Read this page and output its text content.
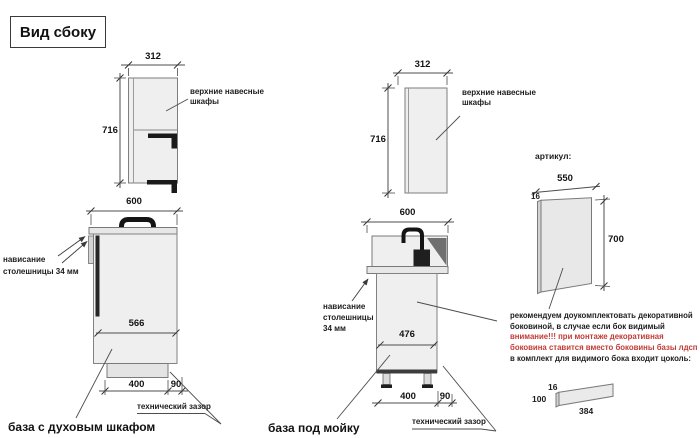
Вид сбоку
312
716
верхние навесные
шкафы
600
566
нависание
столешницы 34 мм
400	90
технический зазор
база с духовым шкафом
312
716
верхние навесные
шкафы
600
476
нависание
столешницы
34 мм
400	90
технический зазор
база под мойку
артикул:
550
16
700
рекомендуем доукомплектовать декоративной
боковиной, в случае если бок видимый
внимание!!! при монтаже декоративная
боковина ставится вместо боковины базы лдсп
в комплект для видимого бока входит цоколь:
16
100
384
